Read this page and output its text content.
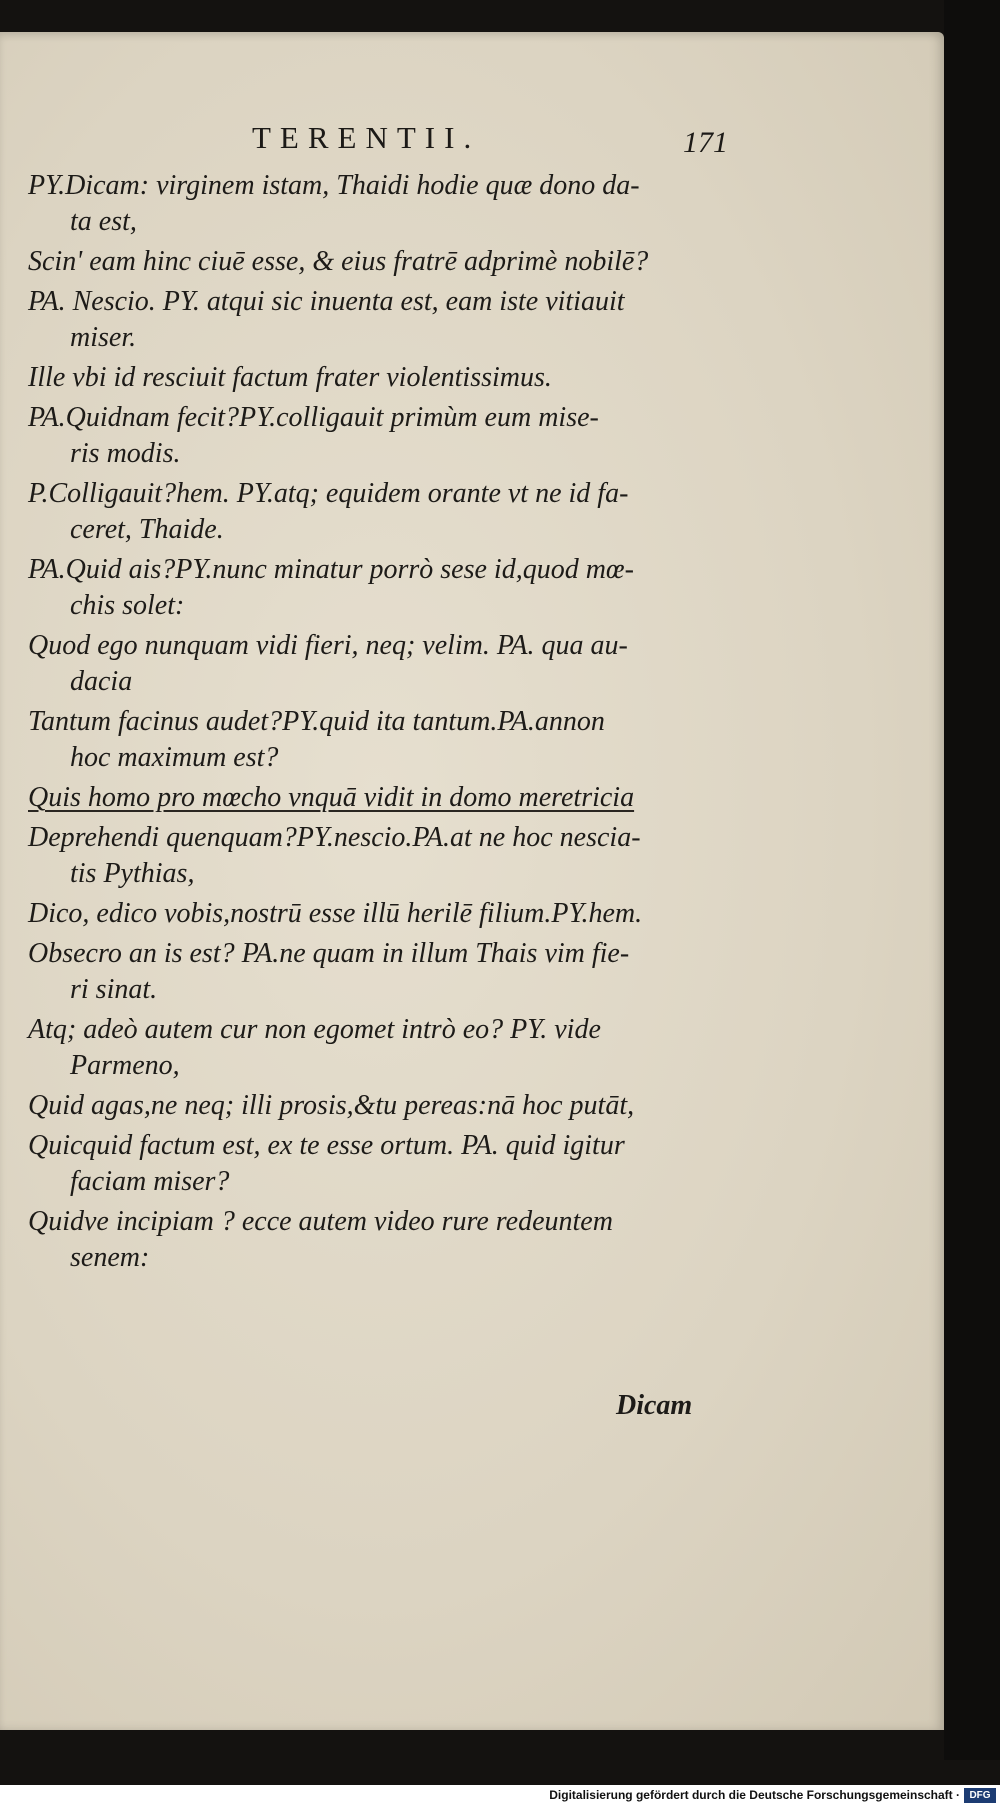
TERENTII.	171
PY.Dicam: virginem istam, Thaidi hodie quæ dono da-
ta est,
Scin' eam hinc ciuē esse, & eius fratrē adprimè nobilē?
PA. Nescio. PY. atqui sic inuenta est, eam iste vitiauit
miser.
Ille vbi id resciuit factum frater violentissimus.
PA.Quidnam fecit?PY.colligauit primùm eum mise-
ris modis.
P.Colligauit?hem. PY.atq; equidem orante vt ne id fa-
ceret, Thaide.
PA.Quid ais?PY.nunc minatur porrò sese id,quod mœ-
chis solet:
Quod ego nunquam vidi fieri, neq; velim. PA. qua au-
dacia
Tantum facinus audet?PY.quid ita tantum.PA.annon
hoc maximum est?
Quis homo pro mœcho vnquā vidit in domo meretricia
Deprehendi quenquam?PY.nescio.PA.at ne hoc nescia-
tis Pythias,
Dico, edico vobis,nostrū esse illū herilē filium.PY.hem.
Obsecro an is est? PA.ne quam in illum Thais vim fie-
ri sinat.
Atq; adeò autem cur non egomet intrò eo? PY. vide
Parmeno,
Quid agas,ne neq; illi prosis,&tu pereas:nā hoc putāt,
Quicquid factum est, ex te esse ortum. PA. quid igitur
faciam miser?
Quidve incipiam ? ecce autem video rure redeuntem
senem:
Dicam
Digitalisierung gefördert durch die Deutsche Forschungsgemeinschaft · DFG
